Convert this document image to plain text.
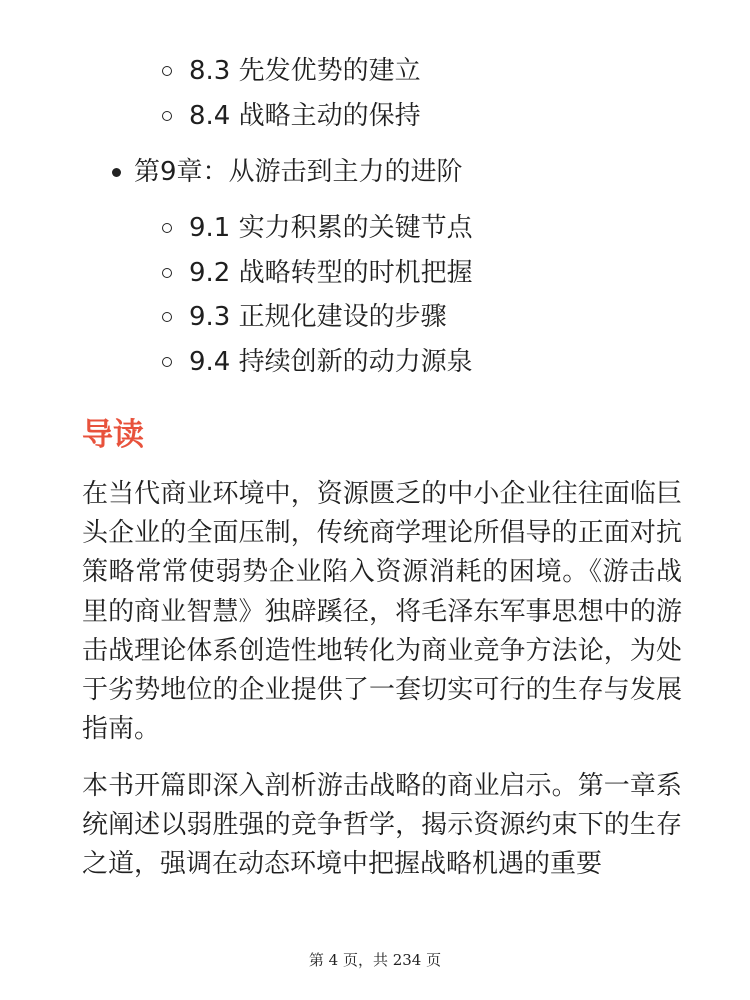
8.3 先发优势的建立
8.4 战略主动的保持
第9章：从游击到主力的进阶
9.1 实力积累的关键节点
9.2 战略转型的时机把握
9.3 正规化建设的步骤
9.4 持续创新的动力源泉
导读

在当代商业环境中，资源匮乏的中小企业往往面临巨头企业的全面压制，传统商学理论所倡导的正面对抗策略常常使弱势企业陷入资源消耗的困境。《游击战里的商业智慧》独辟蹊径，将毛泽东军事思想中的游击战理论体系创造性地转化为商业竞争方法论，为处于劣势地位的企业提供了一套切实可行的生存与发展指南。

本书开篇即深入剖析游击战略的商业启示。第一章系统阐述以弱胜强的竞争哲学，揭示资源约束下的生存之道，强调在动态环境中把握战略机遇的重要

第 4 页，共 234 页
